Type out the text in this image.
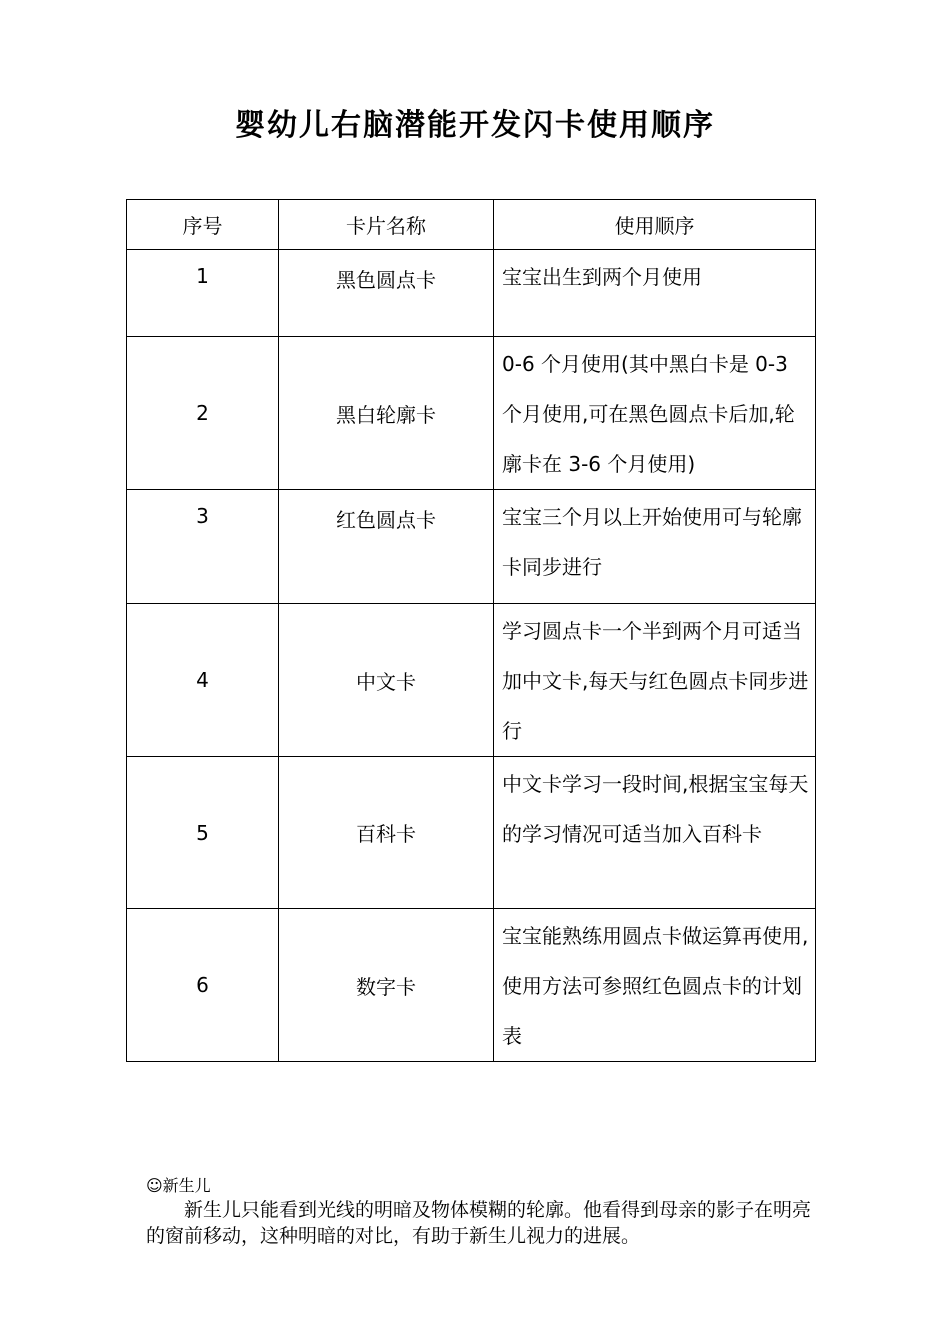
婴幼儿右脑潜能开发闪卡使用顺序
序号	卡片名称	使用顺序
1	黑色圆点卡	宝宝出生到两个月使用
2	黑白轮廓卡	0-6 个月使用(其中黑白卡是 0-3 个月使用,可在黑色圆点卡后加,轮廓卡在 3-6 个月使用)
3	红色圆点卡	宝宝三个月以上开始使用可与轮廓卡同步进行
4	中文卡	学习圆点卡一个半到两个月可适当加中文卡,每天与红色圆点卡同步进行
5	百科卡	中文卡学习一段时间,根据宝宝每天的学习情况可适当加入百科卡
6	数字卡	宝宝能熟练用圆点卡做运算再使用,使用方法可参照红色圆点卡的计划表
☺新生儿
新生儿只能看到光线的明暗及物体模糊的轮廓。他看得到母亲的影子在明亮的窗前移动，这种明暗的对比，有助于新生儿视力的进展。
